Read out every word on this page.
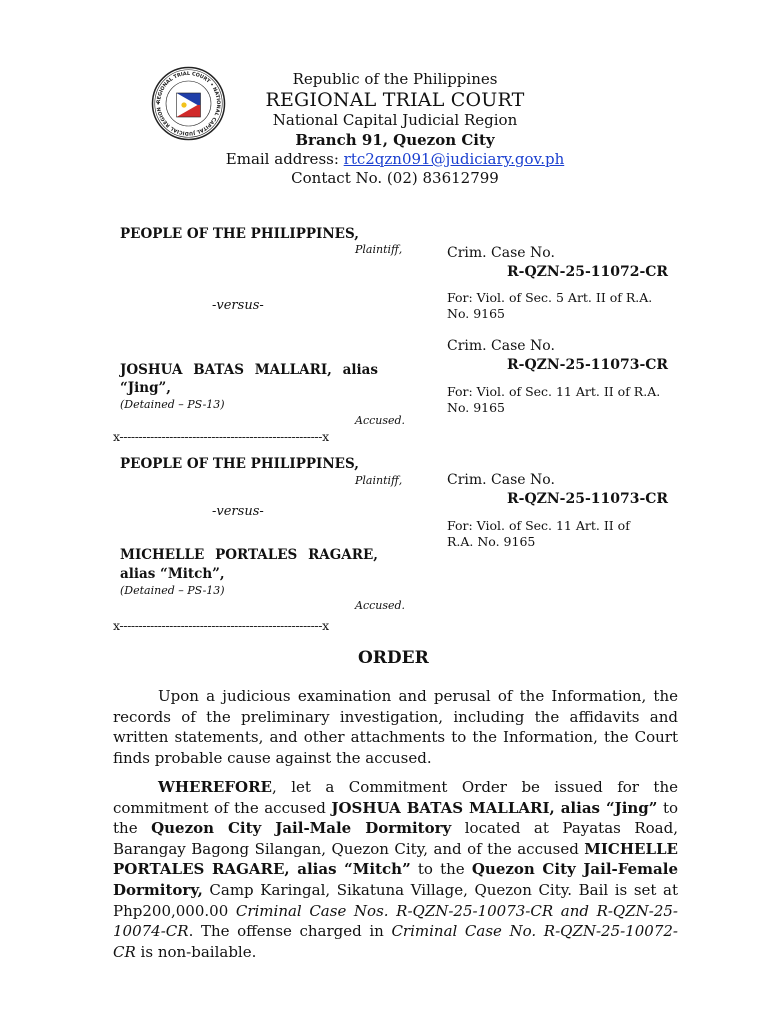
REGIONAL TRIAL COURT • NATIONAL CAPITAL JUDICIAL REGION •
Republic of the Philippines
REGIONAL TRIAL COURT
National Capital Judicial Region
Branch 91, Quezon City
Email address: rtc2qzn091@judiciary.gov.ph
Contact No. (02) 83612799
PEOPLE OF THE PHILIPPINES,
Plaintiff,
-versus-
JOSHUA BATAS MALLARI, alias
“Jing”,
(Detained – PS-13)
Accused.
Crim. Case No.
R-QZN-25-11072-CR
For: Viol. of Sec. 5 Art. II of R.A.
No. 9165
Crim. Case No.
R-QZN-25-11073-CR
For: Viol. of Sec. 11 Art. II of R.A.
No. 9165
x-----------------------------------------------------x
PEOPLE OF THE PHILIPPINES,
Plaintiff,
-versus-
MICHELLE PORTALES RAGARE,
alias “Mitch”,
(Detained – PS-13)
Accused.
Crim. Case No.
R-QZN-25-11073-CR
For: Viol. of Sec. 11 Art. II of
R.A. No. 9165
x-----------------------------------------------------x
ORDER
Upon a judicious examination and perusal of the Information, the records of the preliminary investigation, including the affidavits and written statements, and other attachments to the Information, the Court finds probable cause against the accused.
WHEREFORE, let a Commitment Order be issued for the commitment of the accused JOSHUA BATAS MALLARI, alias “Jing” to the Quezon City Jail-Male Dormitory located at Payatas Road, Barangay Bagong Silangan, Quezon City, and of the accused MICHELLE PORTALES RAGARE, alias “Mitch” to the Quezon City Jail-Female Dormitory, Camp Karingal, Sikatuna Village, Quezon City. Bail is set at Php200,000.00 Criminal Case Nos. R-QZN-25-10073-CR and R-QZN-25-10074-CR. The offense charged in Criminal Case No. R-QZN-25-10072-CR is non-bailable.
